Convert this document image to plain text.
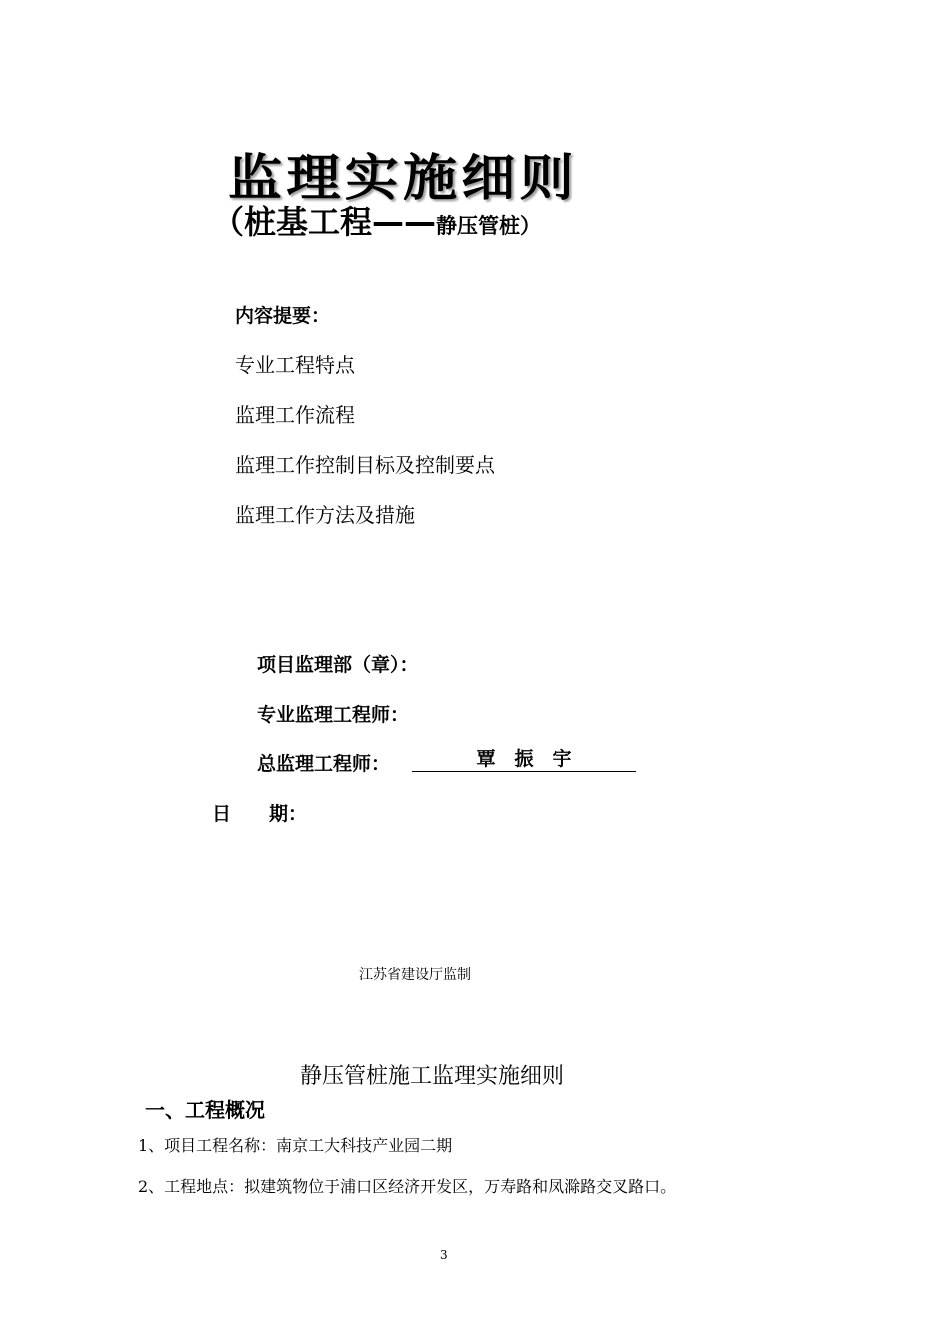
监理实施细则
（桩基工程——静压管桩）
内容提要：
专业工程特点
监理工作流程
监理工作控制目标及控制要点
监理工作方法及措施
项目监理部（章）：
专业监理工程师：
总监理工程师：	覃　振　宇
日　　期：
江苏省建设厅监制
静压管桩施工监理实施细则
一、工程概况
1、项目工程名称：南京工大科技产业园二期
2、工程地点：拟建筑物位于浦口区经济开发区，万寿路和凤滁路交叉路口。
3
